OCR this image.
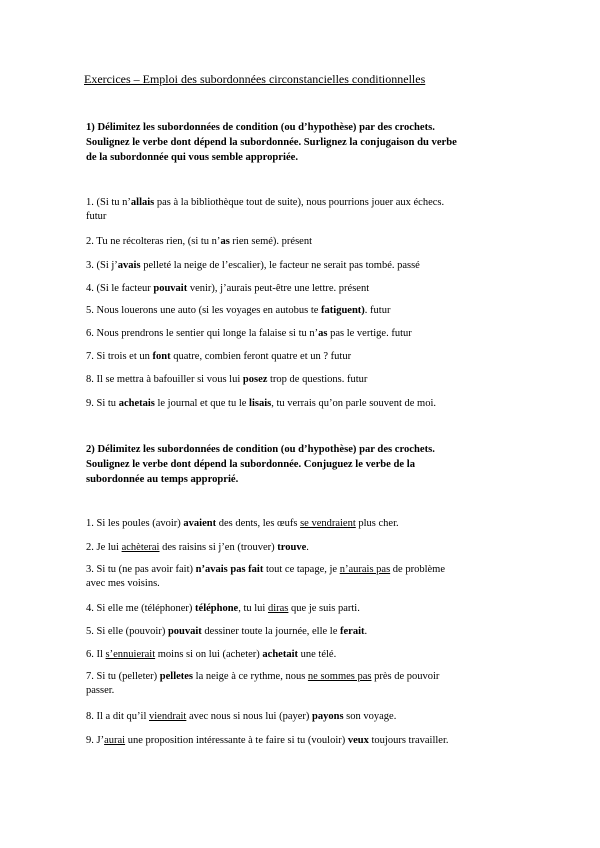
Exercices – Emploi des subordonnées circonstancielles conditionnelles
1) Délimitez les subordonnées de condition (ou d’hypothèse) par des crochets.
Soulignez le verbe dont dépend la subordonnée. Surlignez la conjugaison du verbe
de la subordonnée qui vous semble appropriée.
1. (Si tu n’allais pas à la bibliothèque tout de suite), nous pourrions jouer aux échecs.
futur
2. Tu ne récolteras rien, (si tu n’as rien semé). présent
3. (Si j’avais pelleté la neige de l’escalier), le facteur ne serait pas tombé. passé
4. (Si le facteur pouvait venir), j’aurais peut-être une lettre. présent
5. Nous louerons une auto (si les voyages en autobus te fatiguent). futur
6. Nous prendrons le sentier qui longe la falaise si tu n’as pas le vertige. futur
7. Si trois et un font quatre, combien feront quatre et un ? futur
8. Il se mettra à bafouiller si vous lui posez trop de questions. futur
9. Si tu achetais le journal et que tu le lisais, tu verrais qu’on parle souvent de moi.
2) Délimitez les subordonnées de condition (ou d’hypothèse) par des crochets.
Soulignez le verbe dont dépend la subordonnée. Conjuguez le verbe de la
subordonnée au temps approprié.
1. Si les poules (avoir) avaient des dents, les œufs se vendraient plus cher.
2. Je lui achèterai des raisins si j’en (trouver) trouve.
3. Si tu (ne pas avoir fait) n’avais pas fait tout ce tapage, je n’aurais pas de problème
avec mes voisins.
4. Si elle me (téléphoner) téléphone, tu lui diras que je suis parti.
5. Si elle (pouvoir) pouvait dessiner toute la journée, elle le ferait.
6. Il s’ennuierait moins si on lui (acheter) achetait une télé.
7. Si tu (pelleter) pelletes la neige à ce rythme, nous ne sommes pas près de pouvoir
passer.
8. Il a dit qu’il viendrait avec nous si nous lui (payer) payons son voyage.
9. J’aurai une proposition intéressante à te faire si tu (vouloir) veux toujours travailler.
